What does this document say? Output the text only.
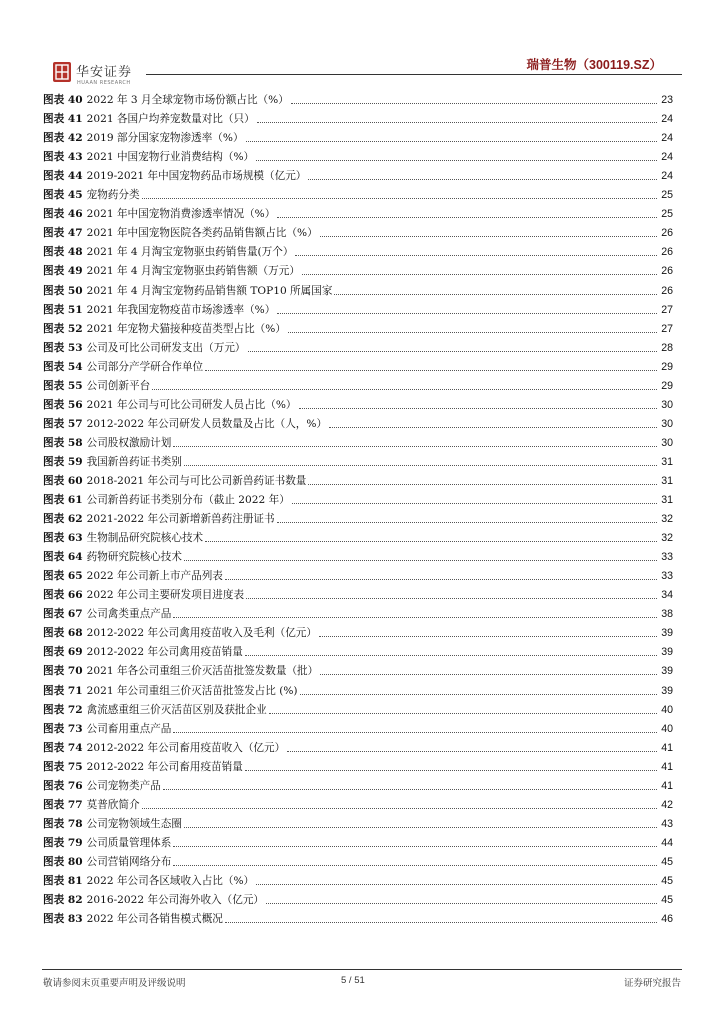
华安证券
HUAAN RESEARCH
瑞普生物（300119.SZ）
图表 40 2022 年 3 月全球宠物市场份额占比（%）	23
图表 41 2021 各国户均养宠数量对比（只）	24
图表 42 2019 部分国家宠物渗透率（%）	24
图表 43 2021 中国宠物行业消费结构（%）	24
图表 44 2019-2021 年中国宠物药品市场规模（亿元）	24
图表 45 宠物药分类	25
图表 46 2021 年中国宠物消费渗透率情况（%）	25
图表 47 2021 年中国宠物医院各类药品销售额占比（%）	26
图表 48 2021 年 4 月淘宝宠物驱虫药销售量(万个）	26
图表 49 2021 年 4 月淘宝宠物驱虫药销售额（万元）	26
图表 50 2021 年 4 月淘宝宠物药品销售额 TOP10 所属国家	26
图表 51 2021 年我国宠物疫苗市场渗透率（%）	27
图表 52 2021 年宠物犬猫接种疫苗类型占比（%）	27
图表 53 公司及可比公司研发支出（万元）	28
图表 54 公司部分产学研合作单位	29
图表 55 公司创新平台	29
图表 56 2021 年公司与可比公司研发人员占比（%）	30
图表 57 2012-2022 年公司研发人员数量及占比（人，%）	30
图表 58 公司股权激励计划	30
图表 59 我国新兽药证书类别	31
图表 60 2018-2021 年公司与可比公司新兽药证书数量	31
图表 61 公司新兽药证书类别分布（截止 2022 年）	31
图表 62 2021-2022 年公司新增新兽药注册证书	32
图表 63 生物制品研究院核心技术	32
图表 64 药物研究院核心技术	33
图表 65 2022 年公司新上市产品列表	33
图表 66 2022 年公司主要研发项目进度表	34
图表 67 公司禽类重点产品	38
图表 68 2012-2022 年公司禽用疫苗收入及毛利（亿元）	39
图表 69 2012-2022 年公司禽用疫苗销量	39
图表 70 2021 年各公司重组三价灭活苗批签发数量（批）	39
图表 71 2021 年公司重组三价灭活苗批签发占比 (%)	39
图表 72 禽流感重组三价灭活苗区别及获批企业	40
图表 73 公司畜用重点产品	40
图表 74 2012-2022 年公司畜用疫苗收入（亿元）	41
图表 75 2012-2022 年公司畜用疫苗销量	41
图表 76 公司宠物类产品	41
图表 77 莫普欣简介	42
图表 78 公司宠物领域生态圈	43
图表 79 公司质量管理体系	44
图表 80 公司营销网络分布	45
图表 81 2022 年公司各区域收入占比（%）	45
图表 82 2016-2022 年公司海外收入（亿元）	45
图表 83 2022 年公司各销售模式概况	46
敬请参阅末页重要声明及评级说明	5 / 51	证券研究报告
